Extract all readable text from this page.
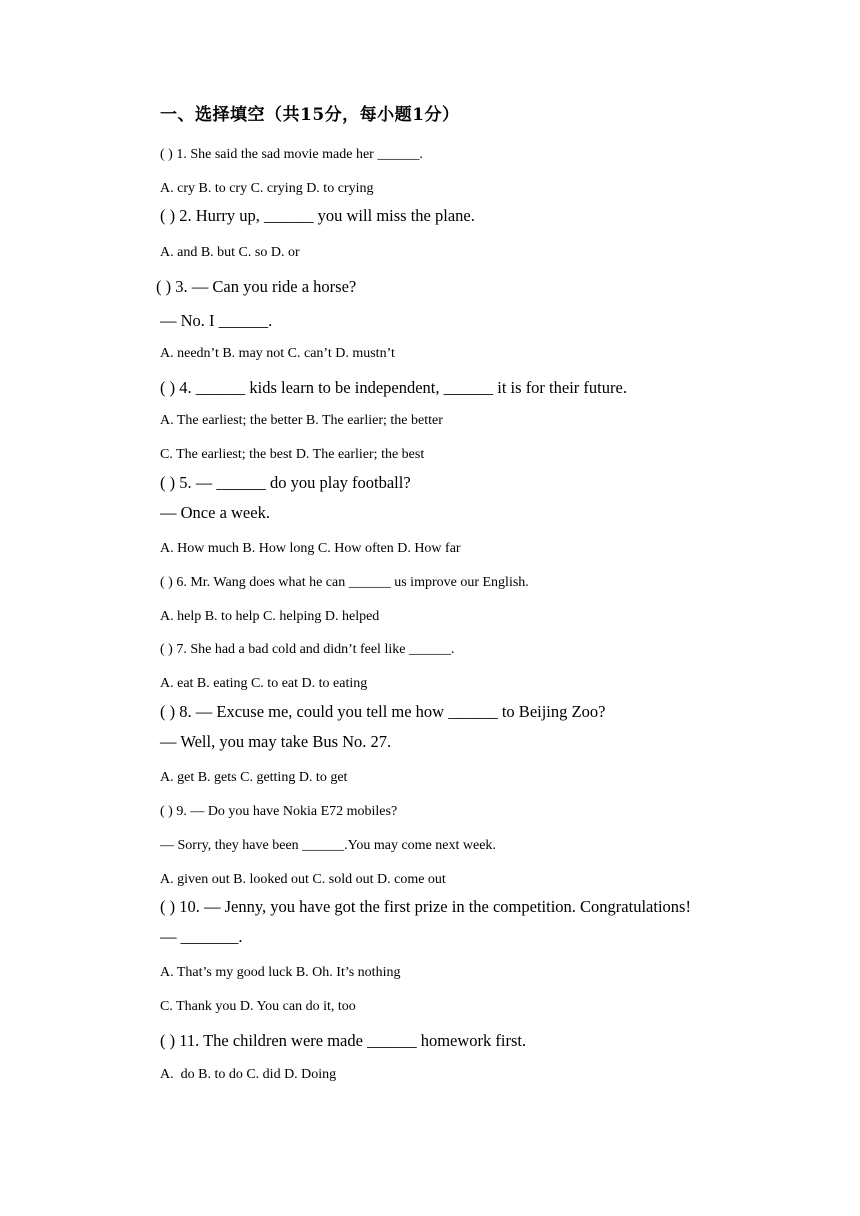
一、选择填空（共15分，每小题1分）
( ) 1. She said the sad movie made her ______.
A. cry B. to cry C. crying D. to crying
( ) 2. Hurry up, ______ you will miss the plane.
A. and B. but C. so D. or
( ) 3. — Can you ride a horse?
— No. I ______.
A. needn’t B. may not C. can’t D. mustn’t
( ) 4. ______ kids learn to be independent, ______ it is for their future.
A. The earliest; the better B. The earlier; the better
C. The earliest; the best D. The earlier; the best
( ) 5. — ______ do you play football?
— Once a week.
A. How much B. How long C. How often D. How far
( ) 6. Mr. Wang does what he can ______ us improve our English.
A. help B. to help C. helping D. helped
( ) 7. She had a bad cold and didn’t feel like ______.
A. eat B. eating C. to eat D. to eating
( ) 8. — Excuse me, could you tell me how ______ to Beijing Zoo?
— Well, you may take Bus No. 27.
A. get B. gets C. getting D. to get
( ) 9. — Do you have Nokia E72 mobiles?
— Sorry, they have been ______.You may come next week.
A. given out B. looked out C. sold out D. come out
( ) 10. — Jenny, you have got the first prize in the competition. Congratulations!
— _______.
A. That’s my good luck B. Oh. It’s nothing
C. Thank you D. You can do it, too
( ) 11. The children were made ______ homework first.
A.  do B. to do C. did D. Doing
